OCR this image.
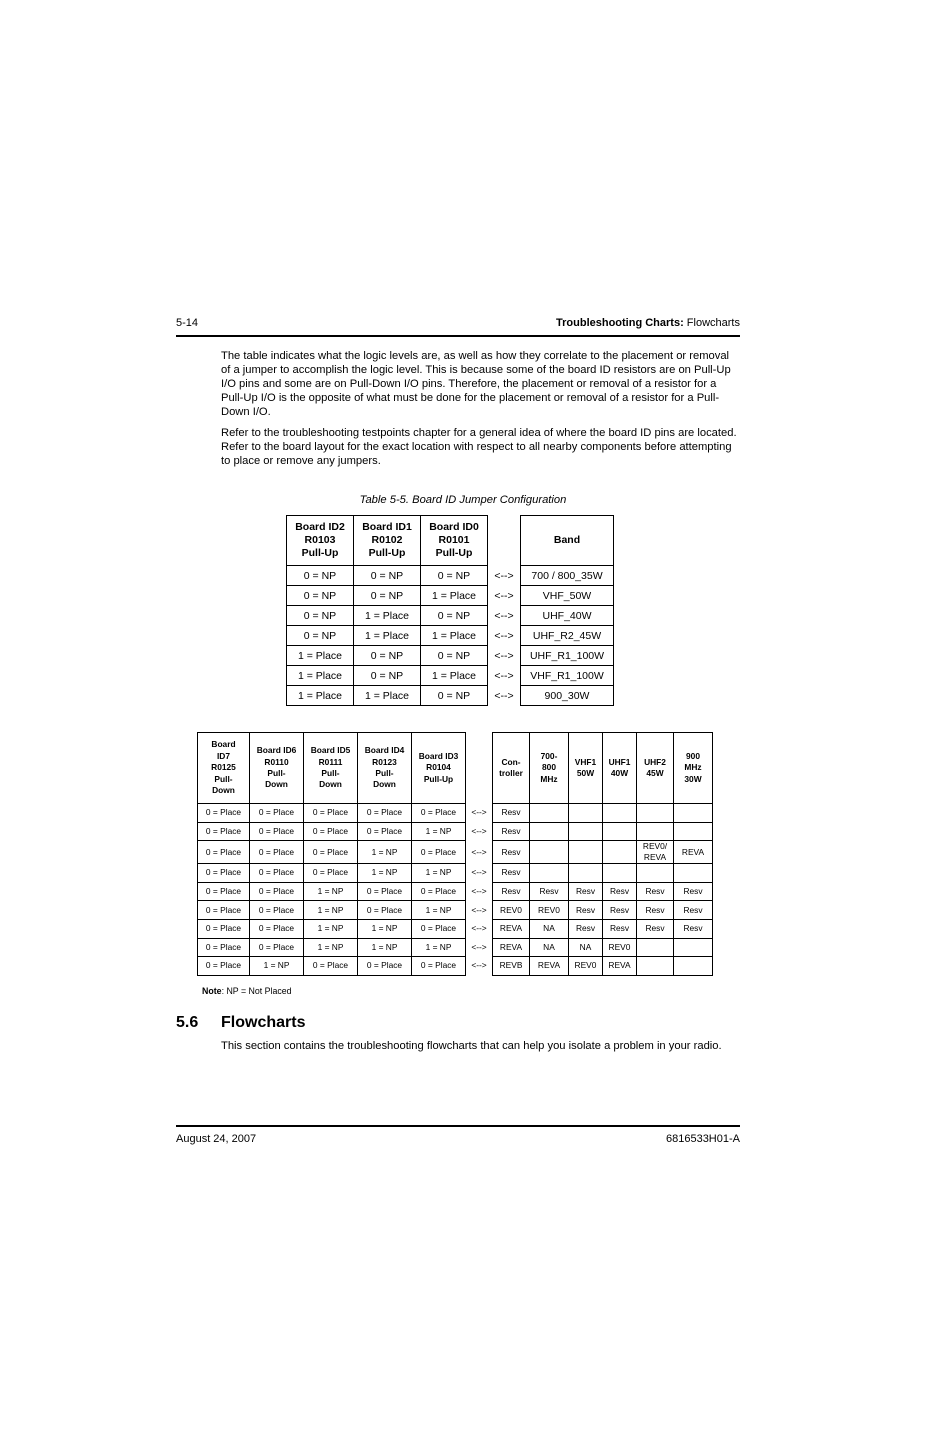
5-14	Troubleshooting Charts: Flowcharts
The table indicates what the logic levels are, as well as how they correlate to the placement or removal of a jumper to accomplish the logic level. This is because some of the board ID resistors are on Pull-Up I/O pins and some are on Pull-Down I/O pins. Therefore, the placement or removal of a resistor for a Pull-Up I/O is the opposite of what must be done for the placement or removal of a resistor for a Pull-Down I/O.
Refer to the troubleshooting testpoints chapter for a general idea of where the board ID pins are located. Refer to the board layout for the exact location with respect to all nearby components before attempting to place or remove any jumpers.
Table 5-5. Board ID Jumper Configuration
Board ID2
R0103
Pull-Up	Board ID1
R0102
Pull-Up	Board ID0
R0101
Pull-Up		Band
0 = NP	0 = NP	0 = NP	<-->	700 / 800_35W
0 = NP	0 = NP	1 = Place	<-->	VHF_50W
0 = NP	1 = Place	0 = NP	<-->	UHF_40W
0 = NP	1 = Place	1 = Place	<-->	UHF_R2_45W
1 = Place	0 = NP	0 = NP	<-->	UHF_R1_100W
1 = Place	0 = NP	1 = Place	<-->	VHF_R1_100W
1 = Place	1 = Place	0 = NP	<-->	900_30W
Board
ID7
R0125
Pull-
Down	Board ID6
R0110
Pull-
Down	Board ID5
R0111
Pull-
Down	Board ID4
R0123
Pull-
Down	Board ID3
R0104
Pull-Up		Con-
troller	700-
800
MHz	VHF1
50W	UHF1
40W	UHF2
45W	900
MHz
30W
0 = Place	0 = Place	0 = Place	0 = Place	0 = Place	<-->	Resv					
0 = Place	0 = Place	0 = Place	0 = Place	1 = NP	<-->	Resv					
0 = Place	0 = Place	0 = Place	1 = NP	0 = Place	<-->	Resv				REV0/ REVA	REVA
0 = Place	0 = Place	0 = Place	1 = NP	1 = NP	<-->	Resv					
0 = Place	0 = Place	1 = NP	0 = Place	0 = Place	<-->	Resv	Resv	Resv	Resv	Resv	Resv
0 = Place	0 = Place	1 = NP	0 = Place	1 = NP	<-->	REV0	REV0	Resv	Resv	Resv	Resv
0 = Place	0 = Place	1 = NP	1 = NP	0 = Place	<-->	REVA	NA	Resv	Resv	Resv	Resv
0 = Place	0 = Place	1 = NP	1 = NP	1 = NP	<-->	REVA	NA	NA	REV0		
0 = Place	1 = NP	0 = Place	0 = Place	0 = Place	<-->	REVB	REVA	REV0	REVA		
Note: NP = Not Placed
5.6 Flowcharts
This section contains the troubleshooting flowcharts that can help you isolate a problem in your radio.
August 24, 2007	6816533H01-A
